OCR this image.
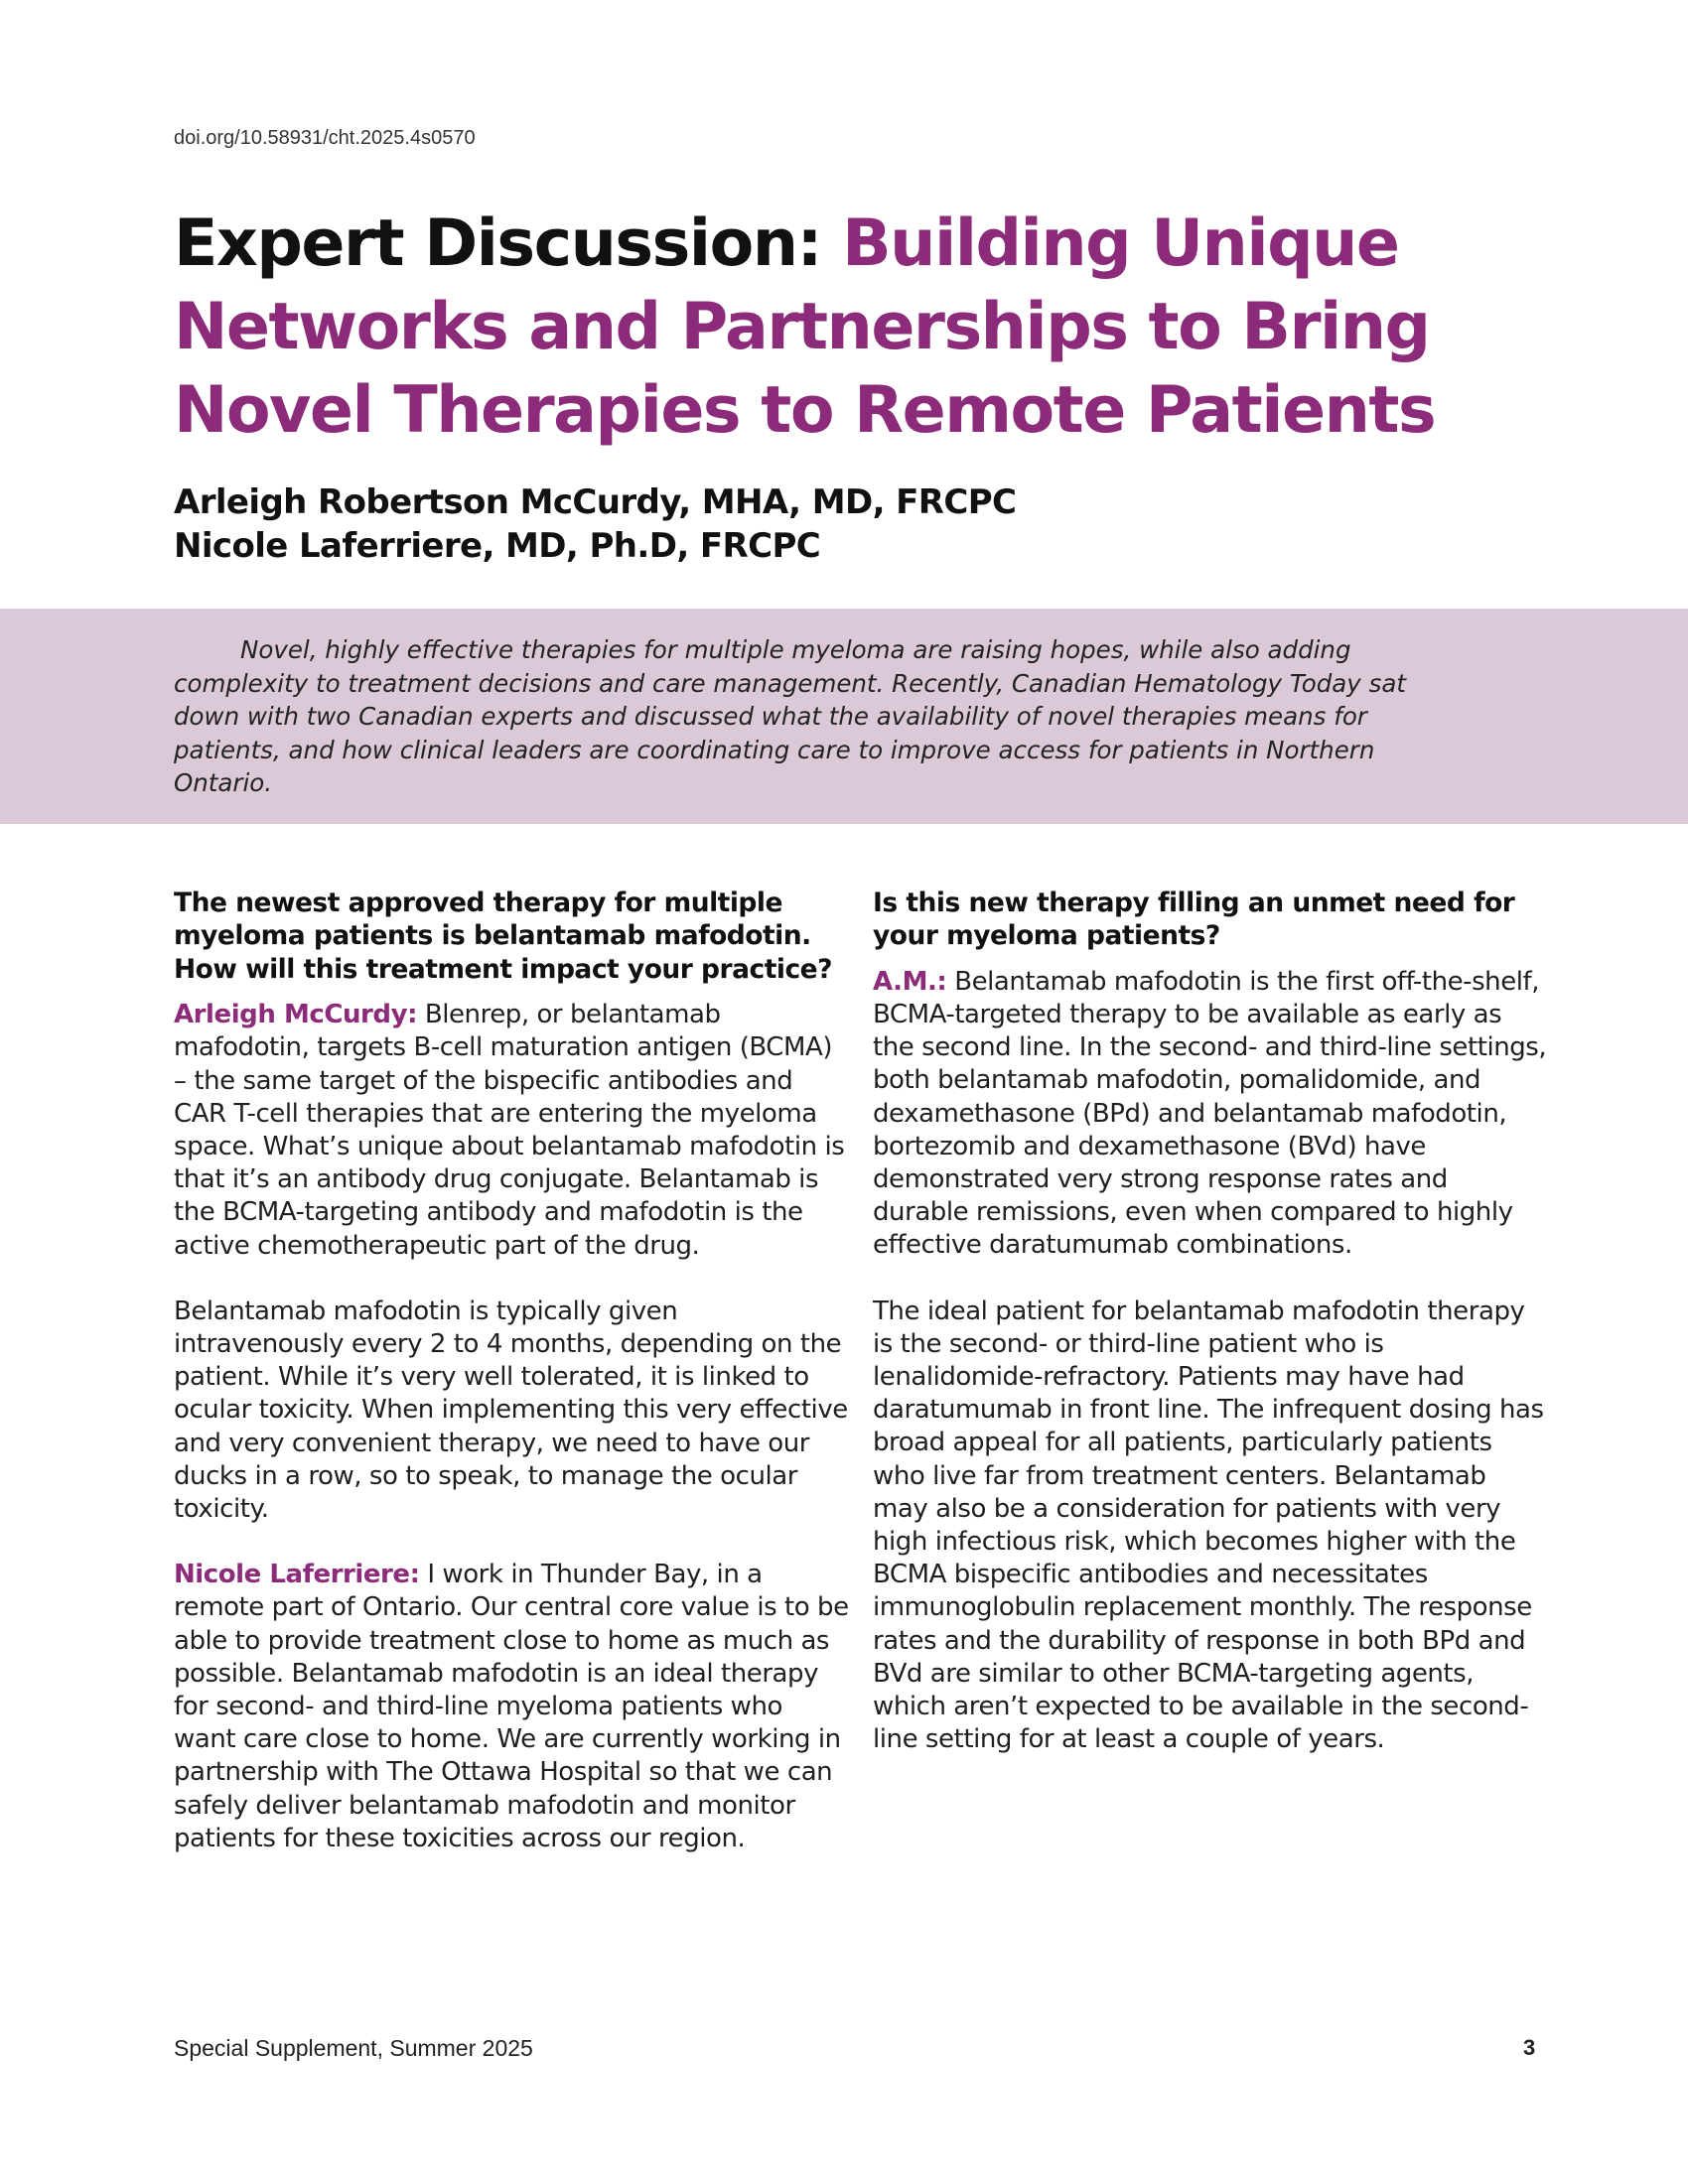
doi.org/10.58931/cht.2025.4s0570
Expert Discussion: Building Unique Networks and Partnerships to Bring Novel Therapies to Remote Patients
Arleigh Robertson McCurdy, MHA, MD, FRCPC
Nicole Laferriere, MD, Ph.D, FRCPC

Novel, highly effective therapies for multiple myeloma are raising hopes, while also adding complexity to treatment decisions and care management. Recently, Canadian Hematology Today sat down with two Canadian experts and discussed what the availability of novel therapies means for patients, and how clinical leaders are coordinating care to improve access for patients in Northern Ontario.

The newest approved therapy for multiple myeloma patients is belantamab mafodotin. How will this treatment impact your practice?

Arleigh McCurdy: Blenrep, or belantamab mafodotin, targets B-cell maturation antigen (BCMA) – the same target of the bispecific antibodies and CAR T-cell therapies that are entering the myeloma space. What’s unique about belantamab mafodotin is that it’s an antibody drug conjugate. Belantamab is the BCMA-targeting antibody and mafodotin is the active chemotherapeutic part of the drug.

Belantamab mafodotin is typically given intravenously every 2 to 4 months, depending on the patient. While it’s very well tolerated, it is linked to ocular toxicity. When implementing this very effective and very convenient therapy, we need to have our ducks in a row, so to speak, to manage the ocular toxicity.

Nicole Laferriere: I work in Thunder Bay, in a remote part of Ontario. Our central core value is to be able to provide treatment close to home as much as possible. Belantamab mafodotin is an ideal therapy for second- and third-line myeloma patients who want care close to home. We are currently working in partnership with The Ottawa Hospital so that we can safely deliver belantamab mafodotin and monitor patients for these toxicities across our region.

Is this new therapy filling an unmet need for your myeloma patients?

A.M.: Belantamab mafodotin is the first off-the-shelf, BCMA-targeted therapy to be available as early as the second line. In the second- and third-line settings, both belantamab mafodotin, pomalidomide, and dexamethasone (BPd) and belantamab mafodotin, bortezomib and dexamethasone (BVd) have demonstrated very strong response rates and durable remissions, even when compared to highly effective daratumumab combinations.

The ideal patient for belantamab mafodotin therapy is the second- or third-line patient who is lenalidomide-refractory. Patients may have had daratumumab in front line. The infrequent dosing has broad appeal for all patients, particularly patients who live far from treatment centers. Belantamab may also be a consideration for patients with very high infectious risk, which becomes higher with the BCMA bispecific antibodies and necessitates immunoglobulin replacement monthly. The response rates and the durability of response in both BPd and BVd are similar to other BCMA-targeting agents, which aren’t expected to be available in the second-line setting for at least a couple of years.

Special Supplement, Summer 2025	3
